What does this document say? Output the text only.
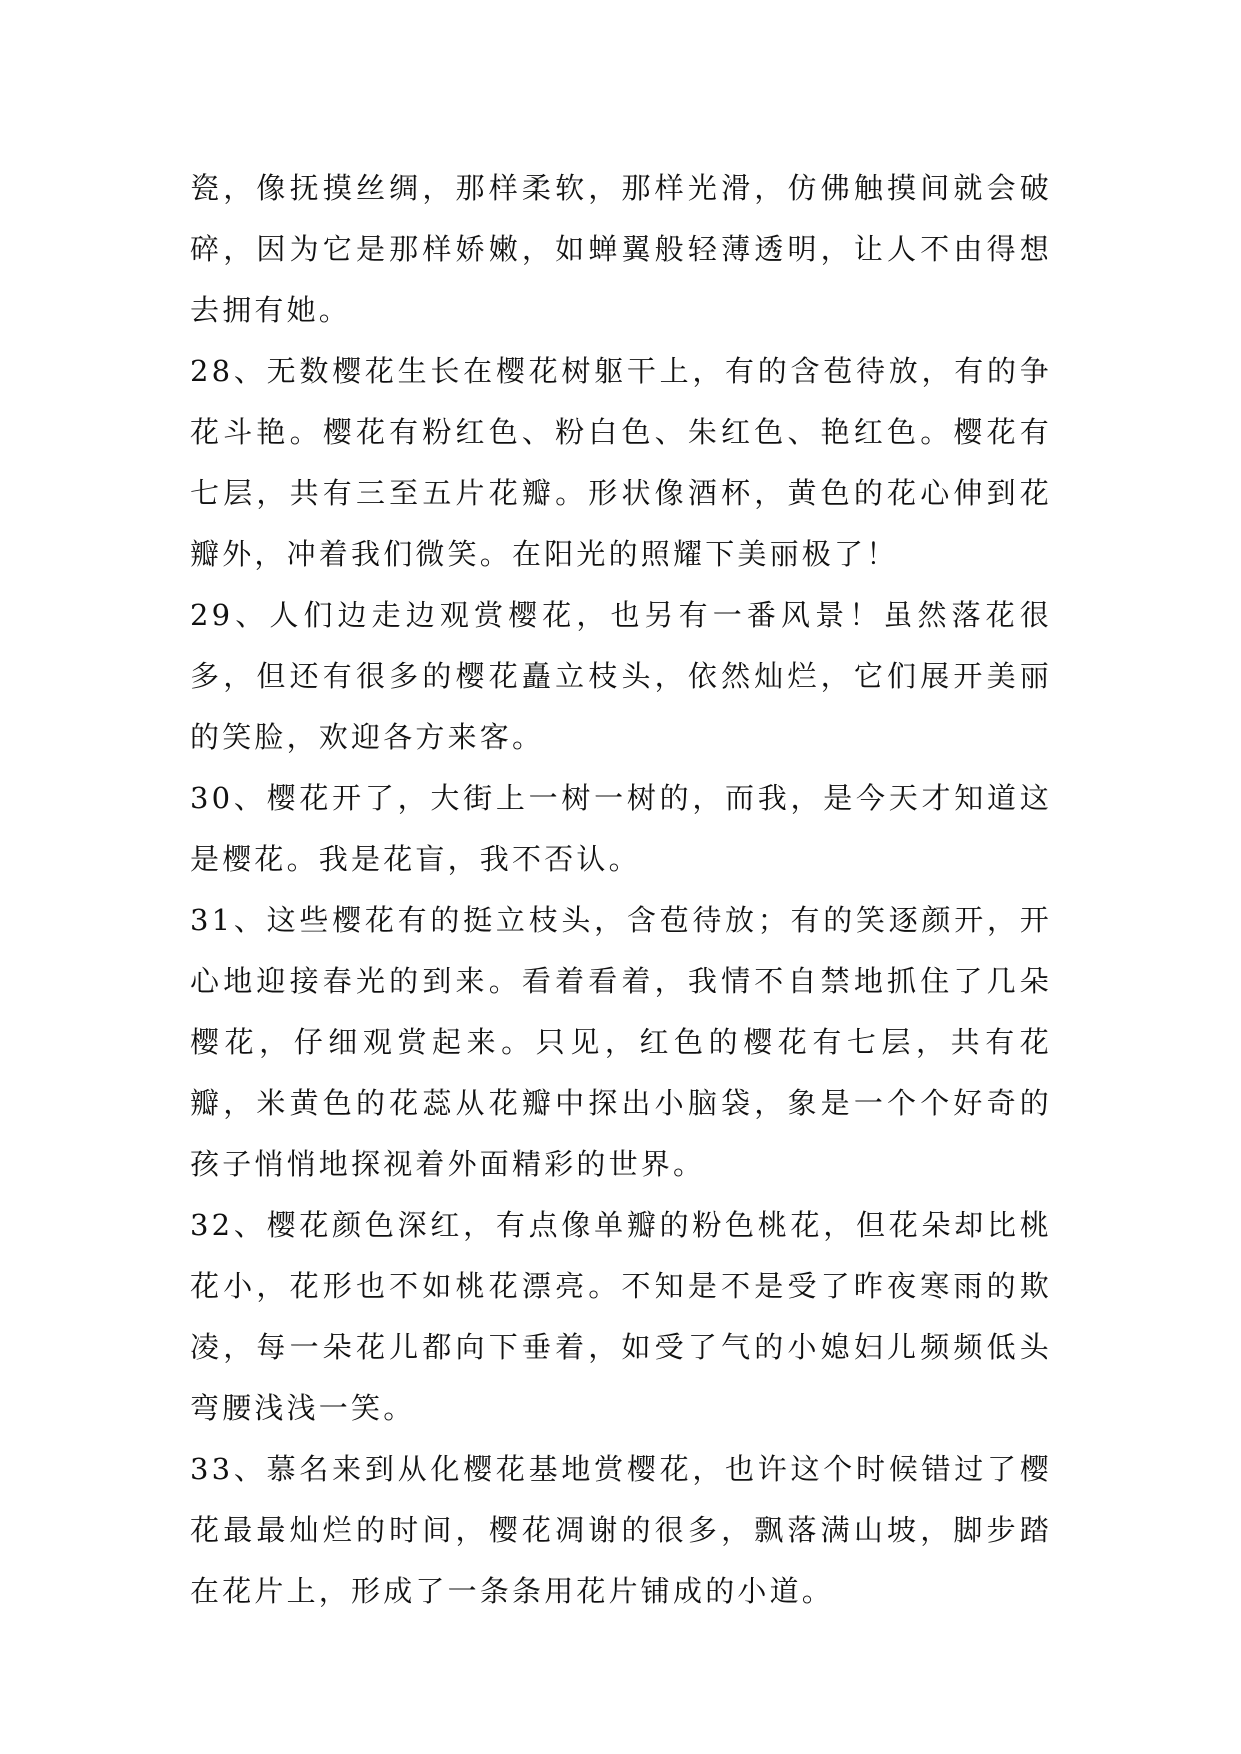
瓷，像抚摸丝绸，那样柔软，那样光滑，仿佛触摸间就会破碎，因为它是那样娇嫩，如蝉翼般轻薄透明，让人不由得想去拥有她。

28、无数樱花生长在樱花树躯干上，有的含苞待放，有的争花斗艳。樱花有粉红色、粉白色、朱红色、艳红色。樱花有七层，共有三至五片花瓣。形状像酒杯，黄色的花心伸到花瓣外，冲着我们微笑。在阳光的照耀下美丽极了！

29、人们边走边观赏樱花，也另有一番风景！虽然落花很多，但还有很多的樱花矗立枝头，依然灿烂，它们展开美丽的笑脸，欢迎各方来客。

30、樱花开了，大街上一树一树的，而我，是今天才知道这是樱花。我是花盲，我不否认。

31、这些樱花有的挺立枝头，含苞待放；有的笑逐颜开，开心地迎接春光的到来。看着看着，我情不自禁地抓住了几朵樱花，仔细观赏起来。只见，红色的樱花有七层，共有花瓣，米黄色的花蕊从花瓣中探出小脑袋，象是一个个好奇的孩子悄悄地探视着外面精彩的世界。

32、樱花颜色深红，有点像单瓣的粉色桃花，但花朵却比桃花小，花形也不如桃花漂亮。不知是不是受了昨夜寒雨的欺凌，每一朵花儿都向下垂着，如受了气的小媳妇儿频频低头弯腰浅浅一笑。

33、慕名来到从化樱花基地赏樱花，也许这个时候错过了樱花最最灿烂的时间，樱花凋谢的很多，飘落满山坡，脚步踏在花片上，形成了一条条用花片铺成的小道。
